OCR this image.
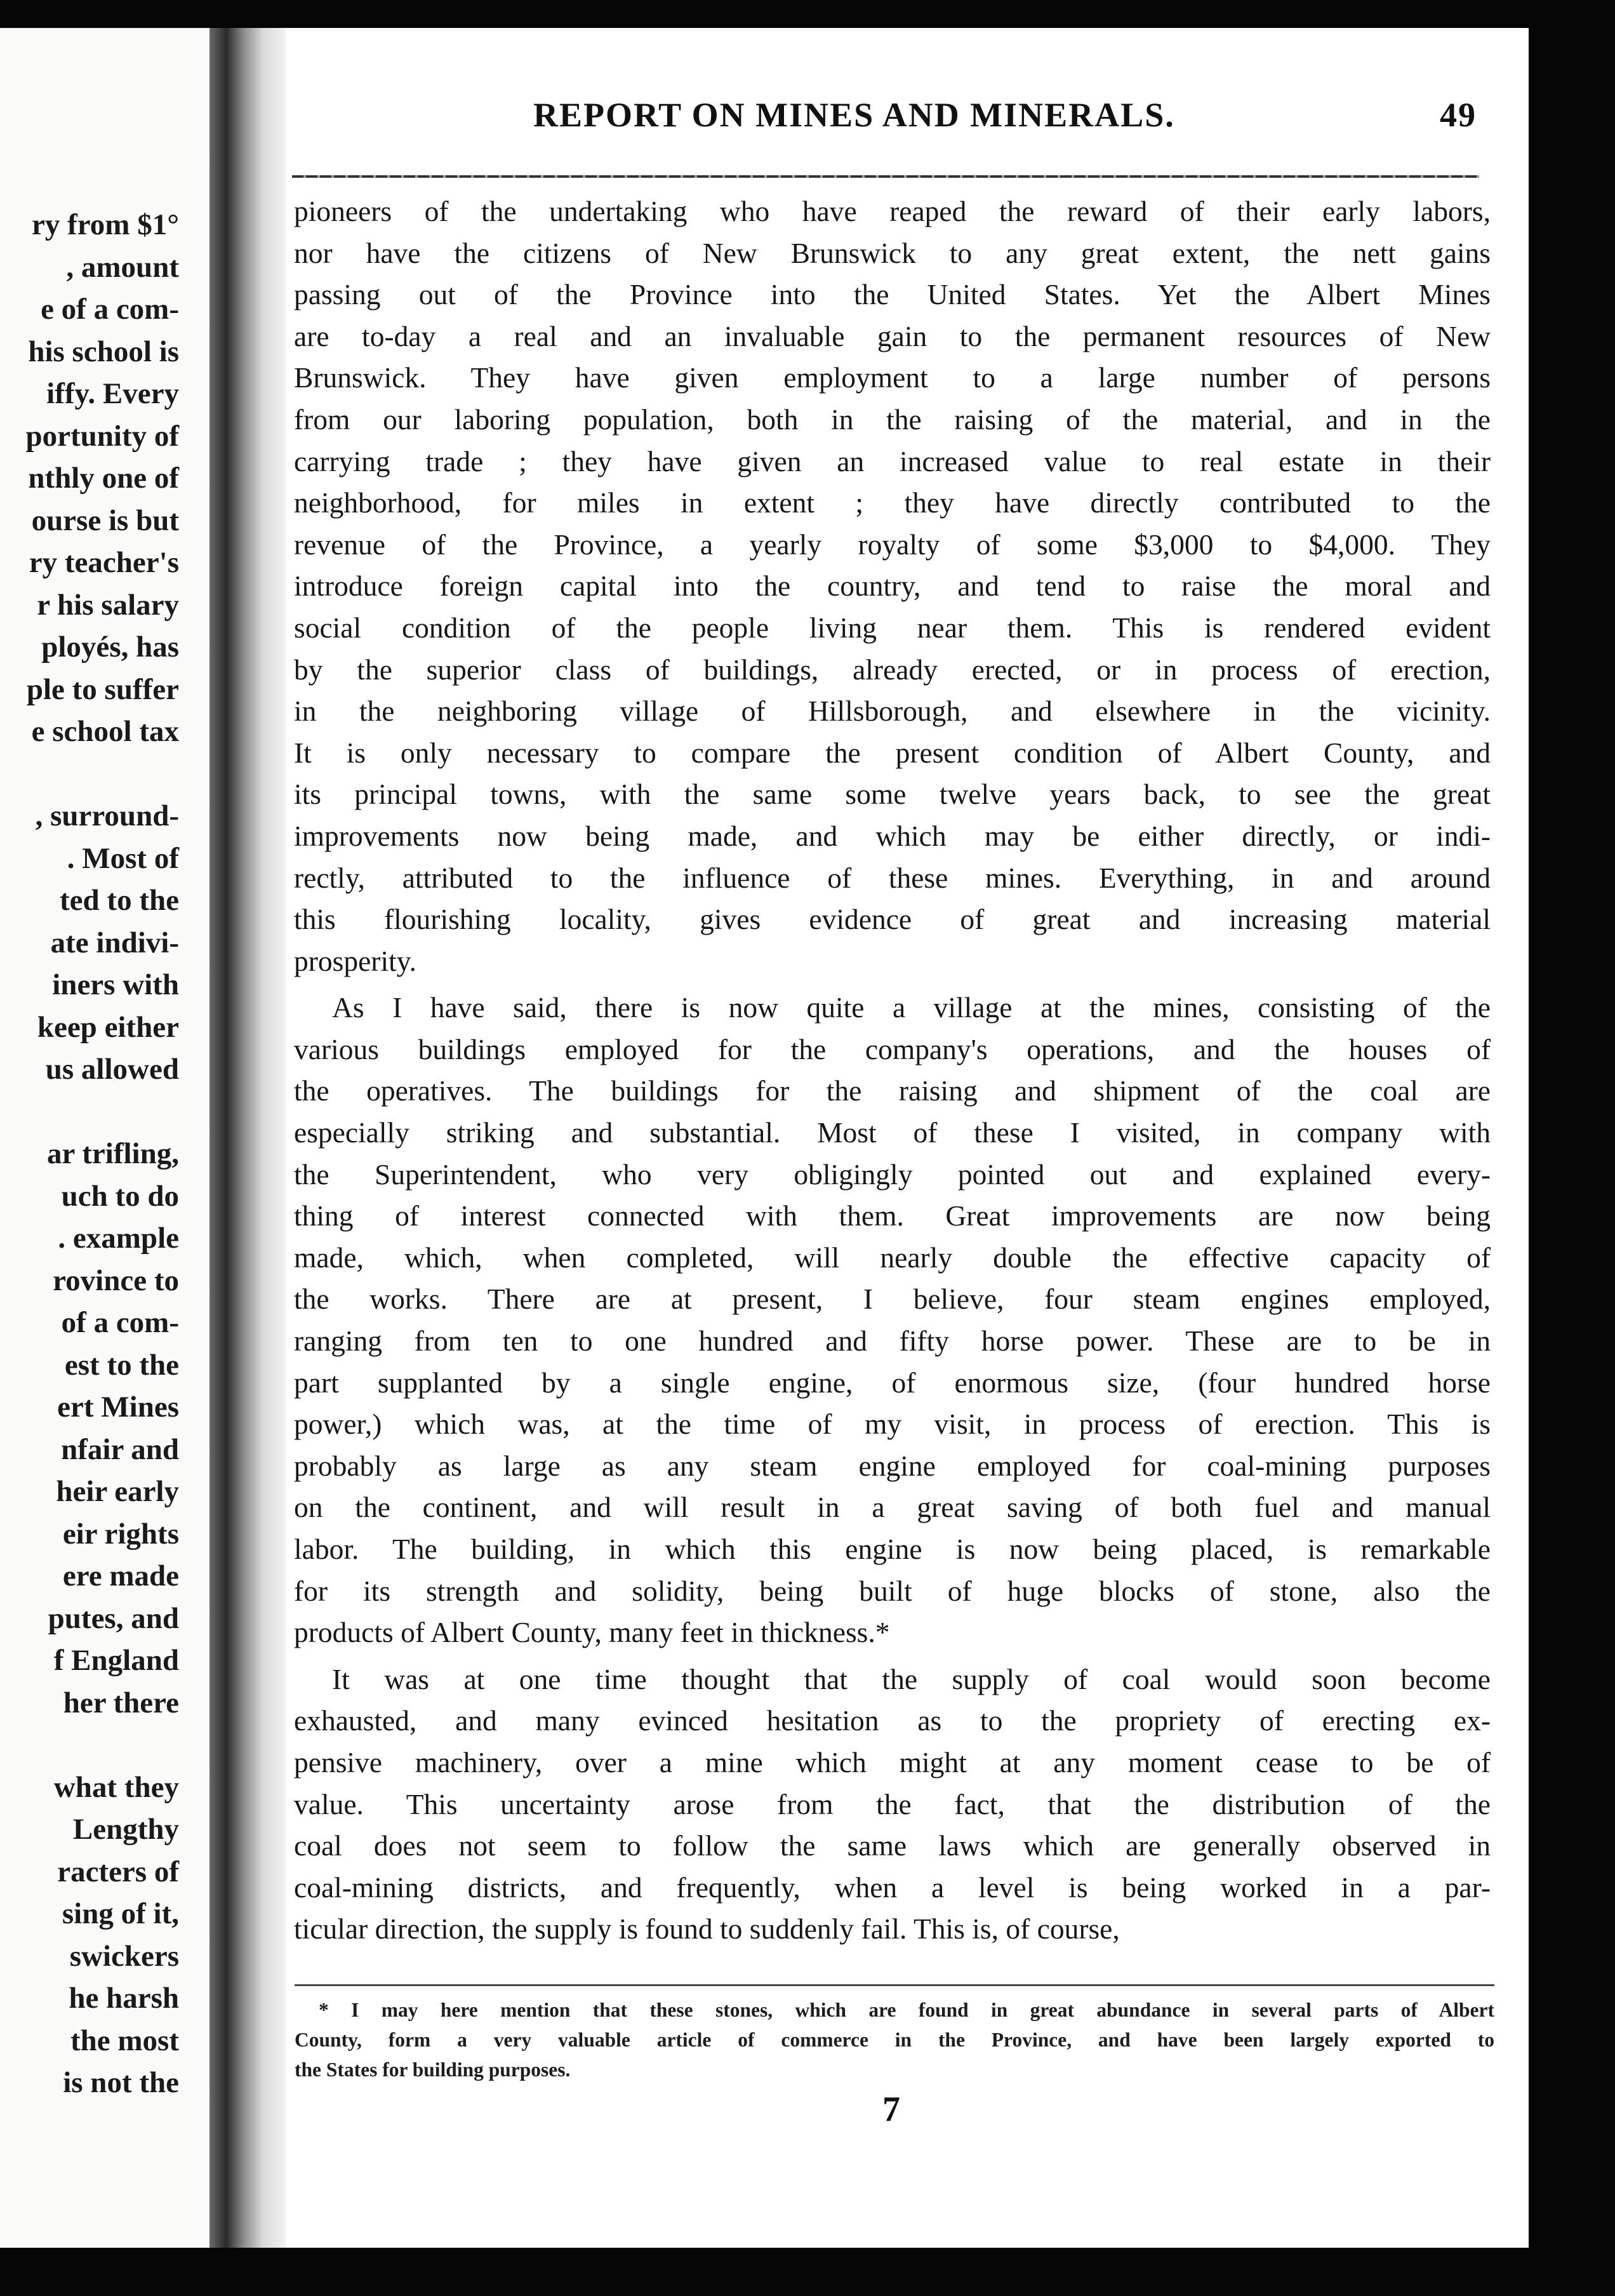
ry from $1°
, amount
e of a com-
his school is
iffy. Every
portunity of
nthly one of
ourse is but
ry teacher's
r his salary
ployés, has
ple to suffer
e school tax
, surround-
. Most of
ted to the
ate indivi-
iners with
keep either
us allowed
ar trifling,
uch to do
. example
rovince to
of a com-
est to the
ert Mines
nfair and
heir early
eir rights
ere made
putes, and
f England
her there
what they
Lengthy
racters of
sing of it,
swickers
he harsh
the most
is not the
REPORT ON MINES AND MINERALS.	49
pioneers of the undertaking who have reaped the reward of their early labors,
nor have the citizens of New Brunswick to any great extent, the nett gains
passing out of the Province into the United States. Yet the Albert Mines
are to-day a real and an invaluable gain to the permanent resources of New
Brunswick. They have given employment to a large number of persons
from our laboring population, both in the raising of the material, and in the
carrying trade ; they have given an increased value to real estate in their
neighborhood, for miles in extent ; they have directly contributed to the
revenue of the Province, a yearly royalty of some $3,000 to $4,000. They
introduce foreign capital into the country, and tend to raise the moral and
social condition of the people living near them. This is rendered evident
by the superior class of buildings, already erected, or in process of erection,
in the neighboring village of Hillsborough, and elsewhere in the vicinity.
It is only necessary to compare the present condition of Albert County, and
its principal towns, with the same some twelve years back, to see the great
improvements now being made, and which may be either directly, or indi-
rectly, attributed to the influence of these mines. Everything, in and around
this flourishing locality, gives evidence of great and increasing material
prosperity.
As I have said, there is now quite a village at the mines, consisting of the
various buildings employed for the company's operations, and the houses of
the operatives. The buildings for the raising and shipment of the coal are
especially striking and substantial. Most of these I visited, in company with
the Superintendent, who very obligingly pointed out and explained every-
thing of interest connected with them. Great improvements are now being
made, which, when completed, will nearly double the effective capacity of
the works. There are at present, I believe, four steam engines employed,
ranging from ten to one hundred and fifty horse power. These are to be in
part supplanted by a single engine, of enormous size, (four hundred horse
power,) which was, at the time of my visit, in process of erection. This is
probably as large as any steam engine employed for coal-mining purposes
on the continent, and will result in a great saving of both fuel and manual
labor. The building, in which this engine is now being placed, is remarkable
for its strength and solidity, being built of huge blocks of stone, also the
products of Albert County, many feet in thickness.*
It was at one time thought that the supply of coal would soon become
exhausted, and many evinced hesitation as to the propriety of erecting ex-
pensive machinery, over a mine which might at any moment cease to be of
value. This uncertainty arose from the fact, that the distribution of the
coal does not seem to follow the same laws which are generally observed in
coal-mining districts, and frequently, when a level is being worked in a par-
ticular direction, the supply is found to suddenly fail. This is, of course,
* I may here mention that these stones, which are found in great abundance in several parts of Albert
County, form a very valuable article of commerce in the Province, and have been largely exported to
the States for building purposes.
7
